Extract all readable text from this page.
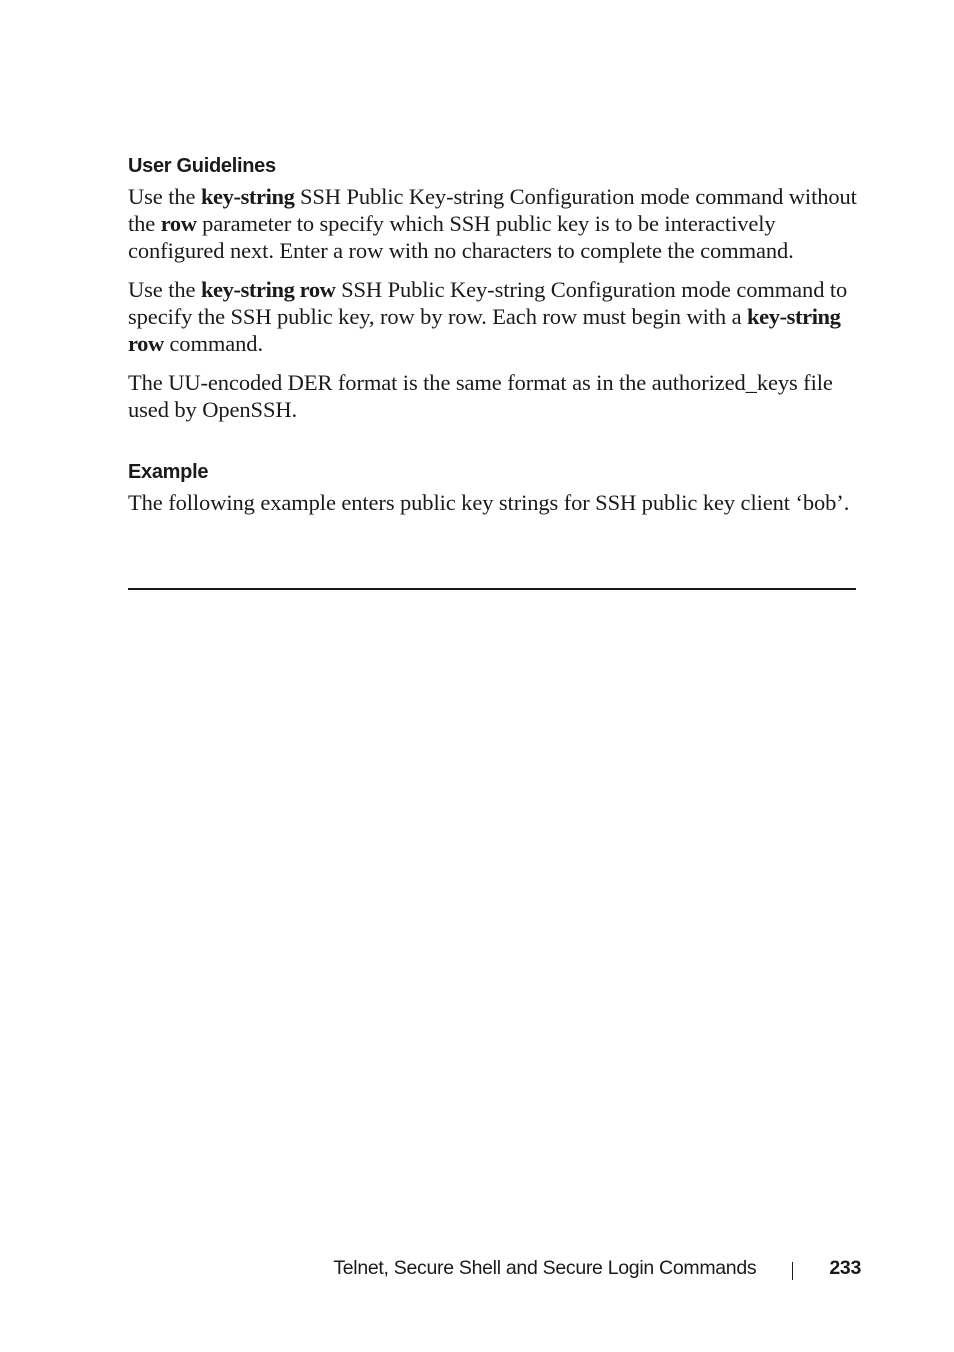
User Guidelines

Use the key-string SSH Public Key-string Configuration mode command without the row parameter to specify which SSH public key is to be interactively configured next. Enter a row with no characters to complete the command.

Use the key-string row SSH Public Key-string Configuration mode command to specify the SSH public key, row by row. Each row must begin with a key-string row command.

The UU-encoded DER format is the same format as in the authorized_keys file used by OpenSSH.

Example

The following example enters public key strings for SSH public key client ‘bob’.

Telnet, Secure Shell and Secure Login Commands	233
